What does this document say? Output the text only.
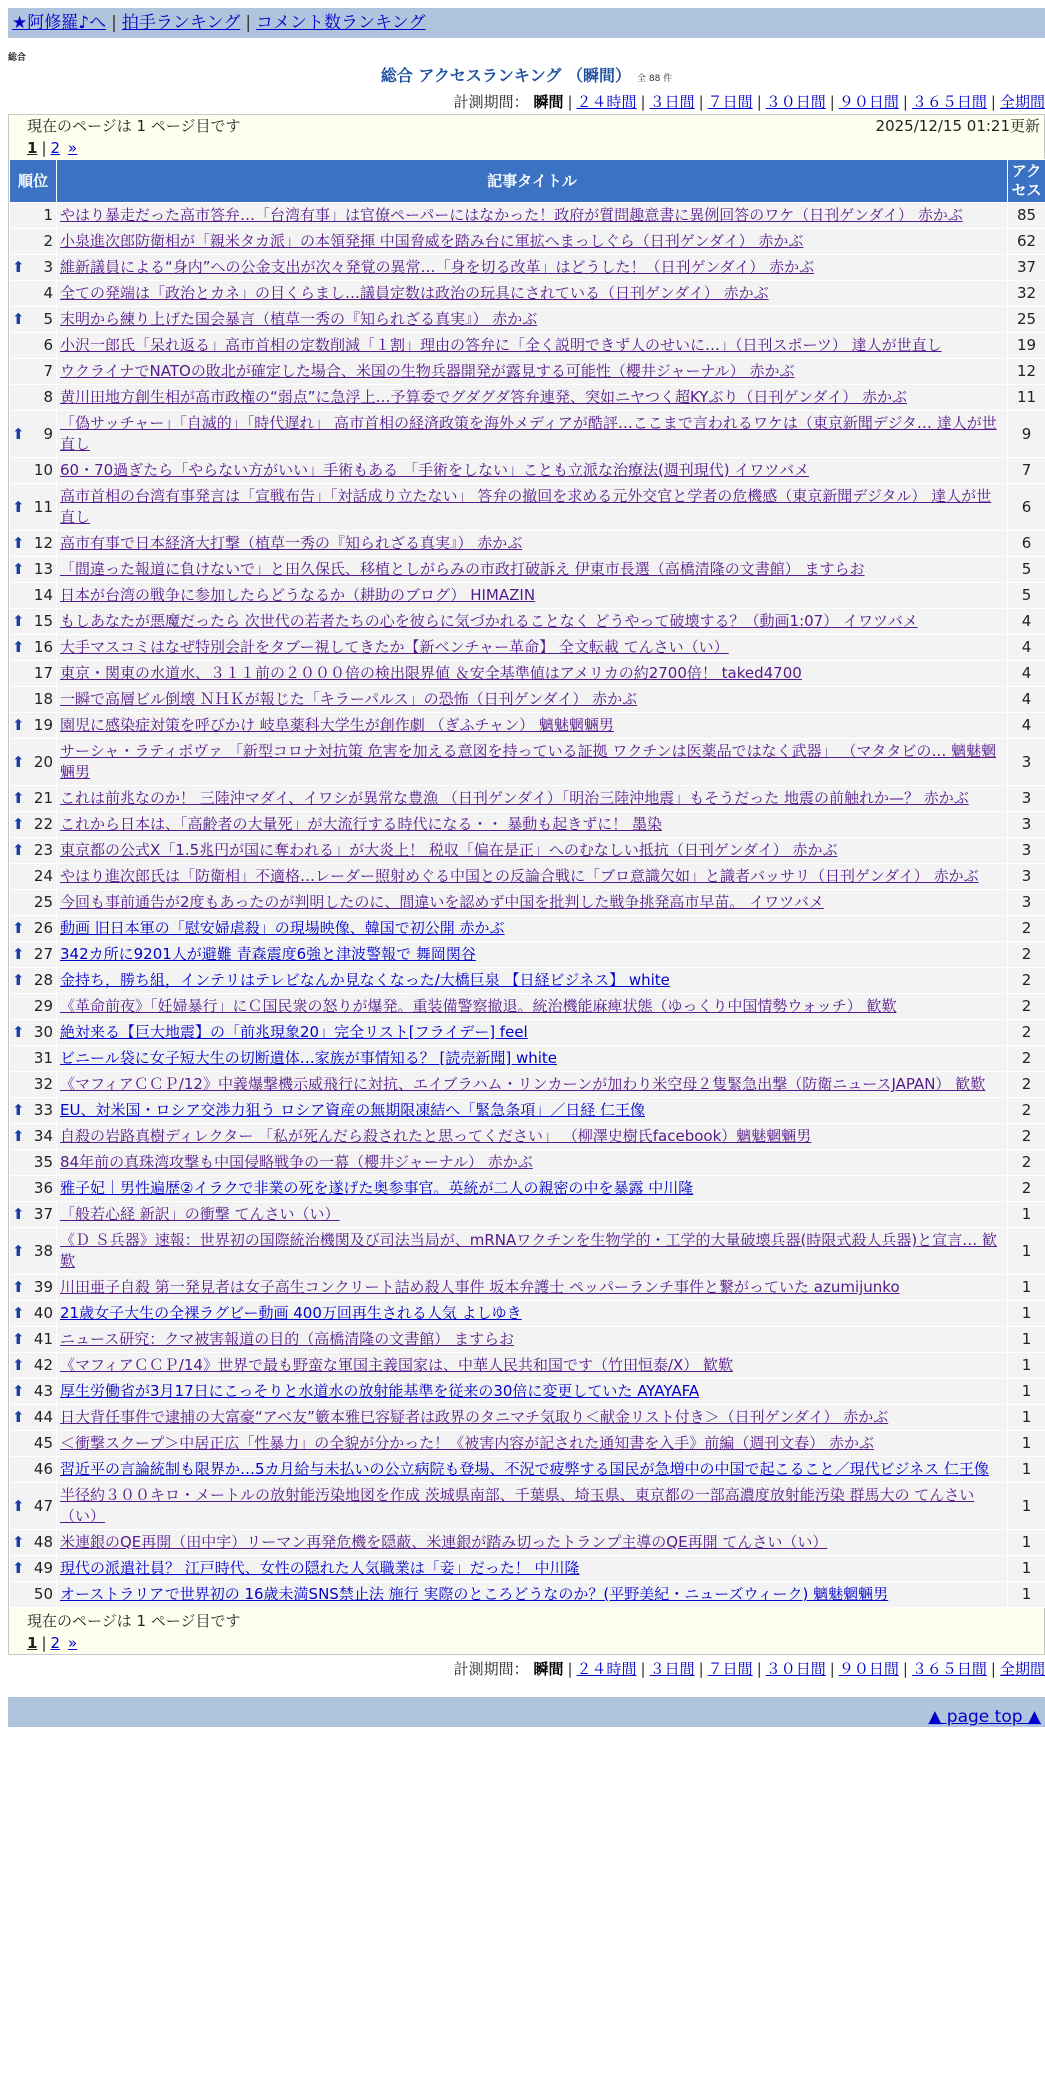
★阿修羅♪へ | 拍手ランキング | コメント数ランキング
総合
総合 アクセスランキング （瞬間） 全 88 件
計測期間： 瞬間 | ２４時間 | ３日間 | ７日間 | ３０日間 | ９０日間 | ３６５日間 | 全期間
2025/12/15 01:21更新
現在のページは 1 ページ目です
1 | 2 »
順位	記事タイトル	アクセス
1	やはり暴走だった高市答弁…「台湾有事」は官僚ペーパーにはなかった！政府が質問趣意書に異例回答のワケ（日刊ゲンダイ） 赤かぶ	85
2	小泉進次郎防衛相が「親米タカ派」の本領発揮 中国脅威を踏み台に軍拡へまっしぐら（日刊ゲンダイ） 赤かぶ	62

⬆ 3	維新議員による“身内”への公金支出が次々発覚の異常…「身を切る改革」はどうした！（日刊ゲンダイ） 赤かぶ	37
4	全ての発端は「政治とカネ」の目くらまし…議員定数は政治の玩具にされている（日刊ゲンダイ） 赤かぶ	32

⬆ 5	末明から練り上げた国会暴言（植草一秀の『知られざる真実』） 赤かぶ	25
6	小沢一郎氏「呆れ返る」高市首相の定数削減「１割」理由の答弁に「全く説明できず人のせいに…」（日刊スポーツ） 達人が世直し	19
7	ウクライナでNATOの敗北が確定した場合、米国の生物兵器開発が露見する可能性（櫻井ジャーナル） 赤かぶ	12
8	黄川田地方創生相が高市政権の“弱点”に急浮上…予算委でグダグダ答弁連発、突如ニヤつく超KYぶり（日刊ゲンダイ） 赤かぶ	11

⬆ 9	「偽サッチャー」「自滅的」「時代遅れ」 高市首相の経済政策を海外メディアが酷評…ここまで言われるワケは（東京新聞デジタ… 達人が世直し	9
10	60・70過ぎたら「やらない方がいい」手術もある 「手術をしない」ことも立派な治療法(週刊現代) イワツバメ	7

⬆ 11	高市首相の台湾有事発言は「宣戦布告」「対話成り立たない」 答弁の撤回を求める元外交官と学者の危機感（東京新聞デジタル） 達人が世直し	6

⬆ 12	高市有事で日本経済大打撃（植草一秀の『知られざる真実』） 赤かぶ	6

⬆ 13	「間違った報道に負けないで」と田久保氏、移植としがらみの市政打破訴え 伊東市長選（高橋清隆の文書館） ますらお	5
14	日本が台湾の戦争に参加したらどうなるか（耕助のブログ） HIMAZIN	5

⬆ 15	もしあなたが悪魔だったら 次世代の若者たちの心を彼らに気づかれることなく どうやって破壊する？（動画1:07） イワツバメ	4

⬆ 16	大手マスコミはなぜ特別会計をタブー視してきたか【新ベンチャー革命】 全文転載 てんさい（い）	4
17	東京・関東の水道水、３１１前の２０００倍の検出限界値 ＆安全基準値はアメリカの約2700倍！ taked4700	4
18	一瞬で高層ビル倒壊 ＮＨＫが報じた「キラーパルス」の恐怖（日刊ゲンダイ） 赤かぶ	4

⬆ 19	園児に感染症対策を呼びかけ 岐阜薬科大学生が創作劇 （ぎふチャン） 魑魅魍魎男	4

⬆ 20	サーシャ・ラティポヴァ 「新型コロナ対抗策 危害を加える意図を持っている証拠 ワクチンは医薬品ではなく武器」 （マタタビの… 魑魅魍魎男	3

⬆ 21	これは前兆なのか！ 三陸沖マダイ、イワシが異常な豊漁 （日刊ゲンダイ）「明治三陸沖地震」もそうだった 地震の前触れか—？ 赤かぶ	3

⬆ 22	これから日本は、「高齢者の大量死」が大流行する時代になる・・ 暴動も起きずに！ 墨染	3

⬆ 23	東京都の公式X「1.5兆円が国に奪われる」が大炎上！ 税収「偏在是正」へのむなしい抵抗（日刊ゲンダイ） 赤かぶ	3
24	やはり進次郎氏は「防衛相」不適格…レーダー照射めぐる中国との反論合戦に「ブロ意識欠如」と識者バッサリ（日刊ゲンダイ） 赤かぶ	3
25	今回も事前通告が2度もあったのが判明したのに、間違いを認めず中国を批判した戦争挑発高市早苗。 イワツバメ	3

⬆ 26	動画 旧日本軍の「慰安婦虐殺」の現場映像、韓国で初公開 赤かぶ	2

⬆ 27	342カ所に9201人が避難 青森震度6強と津波警報で 舞岡関谷	2

⬆ 28	金持ち，勝ち組，インテリはテレビなんか見なくなった/大橋巨泉 【日経ビジネス】 white	2
29	《革命前夜》「妊婦暴行」にＣ国民衆の怒りが爆発。重装備警察撤退。統治機能麻痺状態（ゆっくり中国情勢ウォッチ） 歓歎	2

⬆ 30	絶対来る【巨大地震】の「前兆現象20」完全リスト[フライデー] feel	2
31	ビニール袋に女子短大生の切断遺体…家族が事情知る？ [読売新聞] white	2
32	《マフィアＣＣＰ/12》中義爆撃機示威飛行に対抗、エイブラハム・リンカーンが加わり米空母２隻緊急出撃（防衛ニュースJAPAN） 歓歎	2

⬆ 33	EU、対米国・ロシア交渉力狙う ロシア資産の無期限凍結へ「緊急条項」／日経 仁王像	2

⬆ 34	自殺の岩路真樹ディレクター 「私が死んだら殺されたと思ってください」 （柳澤史樹氏facebook）魑魅魍魎男	2
35	84年前の真珠湾攻撃も中国侵略戦争の一幕（櫻井ジャーナル） 赤かぶ	2
36	雅子妃｜男性遍歴②イラクで非業の死を遂げた奥参事官。英統が二人の親密の中を暴露 中川隆	2

⬆ 37	「般若心経 新訳」の衝撃 てんさい（い）	1

⬆ 38	《Ｄ Ｓ兵器》速報：世界初の国際統治機関及び司法当局が、mRNAワクチンを生物学的・工学的大量破壊兵器(時限式殺人兵器)と宣言… 歓歎	1

⬆ 39	川田亜子自殺 第一発見者は女子高生コンクリート詰め殺人事件 坂本弁護士 ペッパーランチ事件と繋がっていた azumijunko	1

⬆ 40	21歳女子大生の全裸ラグビー動画 400万回再生される人気 よしゆき	1

⬆ 41	ニュース研究：クマ被害報道の目的（高橋清隆の文書館） ますらお	1

⬆ 42	《マフィアＣＣＰ/14》世界で最も野蛮な軍国主義国家は、中華人民共和国です（竹田恒泰/X） 歓歎	1

⬆ 43	厚生労働省が3月17日にこっそりと水道水の放射能基準を従来の30倍に変更していた AYAYAFA	1

⬆ 44	日大背任事件で逮捕の大富豪“アベ友”籔本雅巳容疑者は政界のタニマチ気取り＜献金リスト付き＞（日刊ゲンダイ） 赤かぶ	1
45	＜衝撃スクープ＞中居正広「性暴力」の全貌が分かった！《被害内容が記された通知書を入手》前編（週刊文春） 赤かぶ	1
46	習近平の言論統制も限界か…5カ月給与未払いの公立病院も登場、不況で疲弊する国民が急増中の中国で起こること／現代ビジネス 仁王像	1

⬆ 47	半径約３００キロ・メートルの放射能汚染地図を作成 茨城県南部、千葉県、埼玉県、東京都の一部高濃度放射能汚染 群馬大の てんさい（い）	1

⬆ 48	米連銀のQE再開（田中宇）リーマン再発危機を隠蔽、米連銀が踏み切ったトランプ主導のQE再開 てんさい（い）	1

⬆ 49	現代の派遣社員？ 江戸時代、女性の隠れた人気職業は「妾」だった！ 中川隆	1
50	オーストラリアで世界初の 16歳未満SNS禁止法 施行 実際のところどうなのか？(平野美紀・ニューズウィーク) 魑魅魍魎男	1
現在のページは 1 ページ目です
1 | 2 »
計測期間： 瞬間 | ２４時間 | ３日間 | ７日間 | ３０日間 | ９０日間 | ３６５日間 | 全期間
▲ page top ▲
